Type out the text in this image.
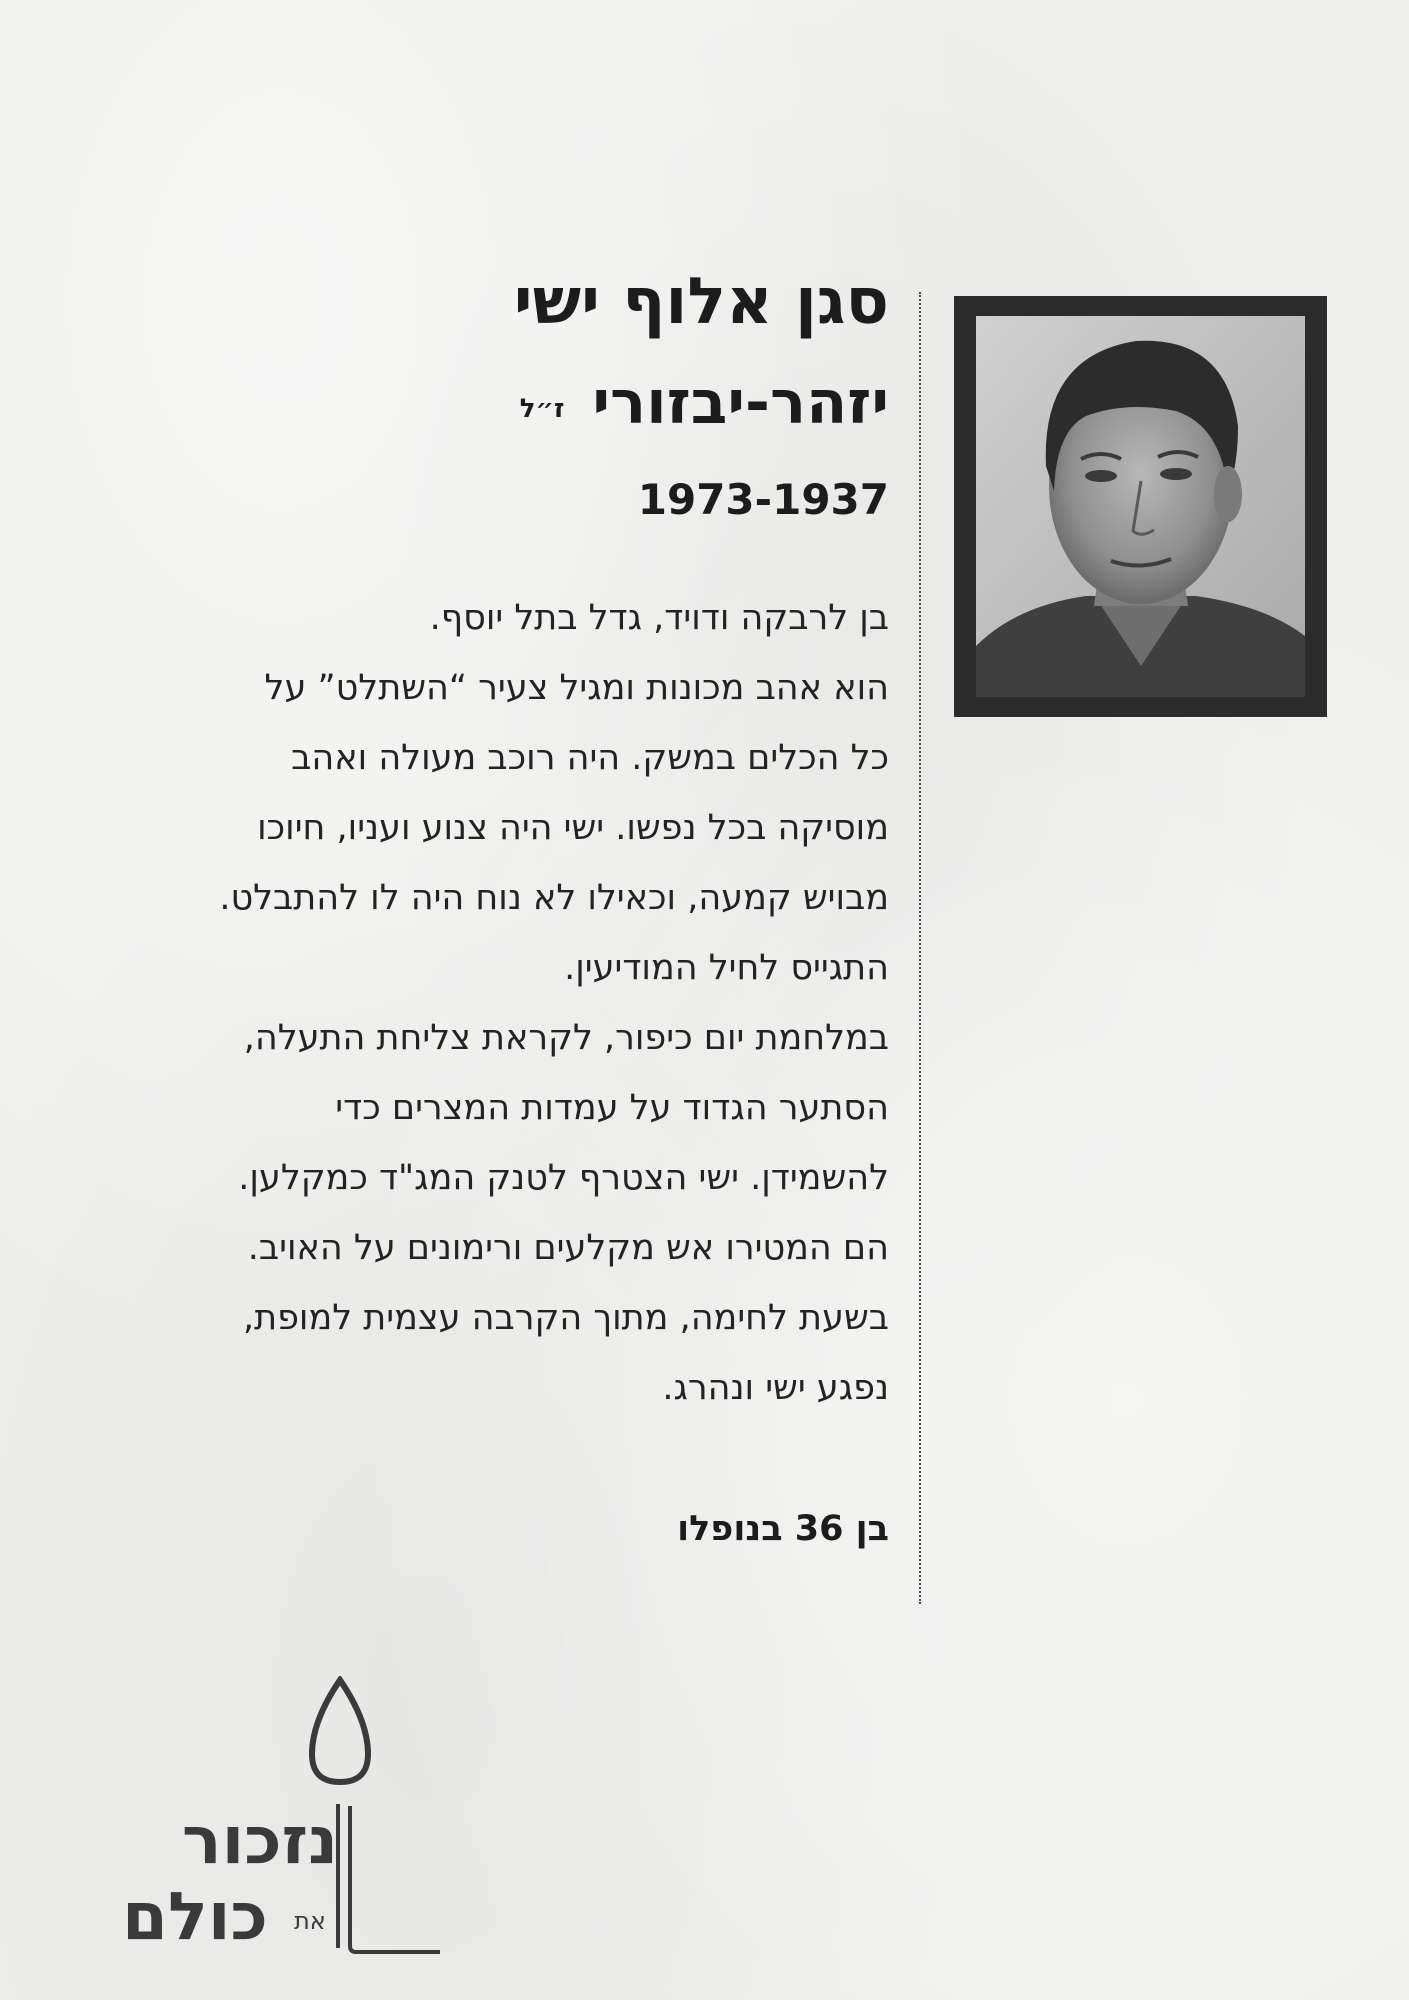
סגן אלוף ישי
יזהר-יבזוריז״ל
1973-1937
בן לרבקה ודויד, גדל בתל יוסף.
הוא אהב מכונות ומגיל צעיר “השתלט” על
כל הכלים במשק. היה רוכב מעולה ואהב
מוסיקה בכל נפשו. ישי היה צנוע ועניו, חיוכו
מבויש קמעה, וכאילו לא נוח היה לו להתבלט.
התגייס לחיל המודיעין.
במלחמת יום כיפור, לקראת צליחת התעלה,
הסתער הגדוד על עמדות המצרים כדי
להשמידן. ישי הצטרף לטנק המג"ד כמקלען.
הם המטירו אש מקלעים ורימונים על האויב.
בשעת לחימה, מתוך הקרבה עצמית למופת,
נפגע ישי ונהרג.
בן 36 בנופלו
נזכור
את
כולם
